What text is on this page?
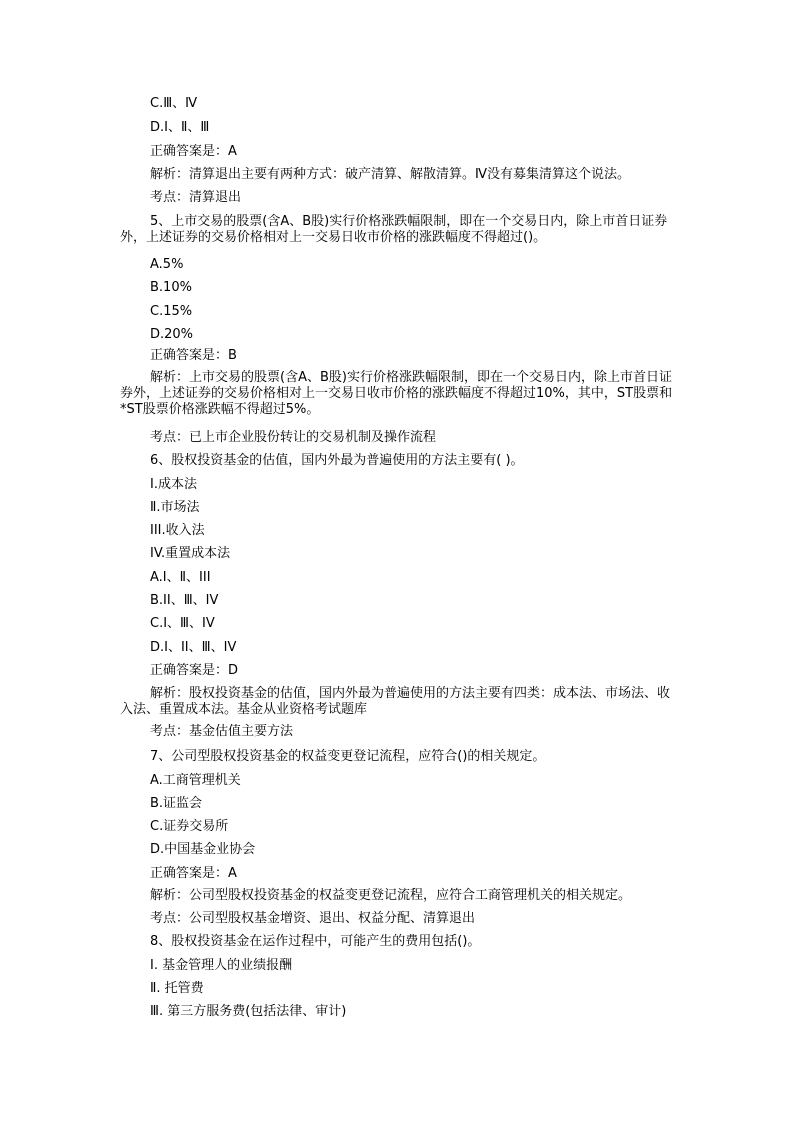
C.Ⅲ、Ⅳ
D.Ⅰ、Ⅱ、Ⅲ
正确答案是：A
解析：清算退出主要有两种方式：破产清算、解散清算。Ⅳ没有募集清算这个说法。
考点：清算退出
5、上市交易的股票(含A、B股)实行价格涨跌幅限制，即在一个交易日内，除上市首日证券外，上述证券的交易价格相对上一交易日收市价格的涨跌幅度不得超过()。
A.5%
B.10%
C.15%
D.20%
正确答案是：B
解析：上市交易的股票(含A、B股)实行价格涨跌幅限制，即在一个交易日内，除上市首日证券外，上述证券的交易价格相对上一交易日收市价格的涨跌幅度不得超过10%，其中，ST股票和*ST股票价格涨跌幅不得超过5%。
考点：已上市企业股份转让的交易机制及操作流程
6、股权投资基金的估值，国内外最为普遍使用的方法主要有( )。
Ⅰ.成本法
Ⅱ.市场法
III.收入法
IV.重置成本法
A.I、Ⅱ、III
B.II、Ⅲ、IV
C.I、Ⅲ、IV
D.I、II、Ⅲ、IV
正确答案是：D
解析：股权投资基金的估值，国内外最为普遍使用的方法主要有四类：成本法、市场法、收入法、重置成本法。基金从业资格考试题库
考点：基金估值主要方法
7、公司型股权投资基金的权益变更登记流程，应符合()的相关规定。
A.工商管理机关
B.证监会
C.证券交易所
D.中国基金业协会
正确答案是：A
解析：公司型股权投资基金的权益变更登记流程，应符合工商管理机关的相关规定。
考点：公司型股权基金增资、退出、权益分配、清算退出
8、股权投资基金在运作过程中，可能产生的费用包括()。
Ⅰ. 基金管理人的业绩报酬
Ⅱ. 托管费
Ⅲ. 第三方服务费(包括法律、审计)
